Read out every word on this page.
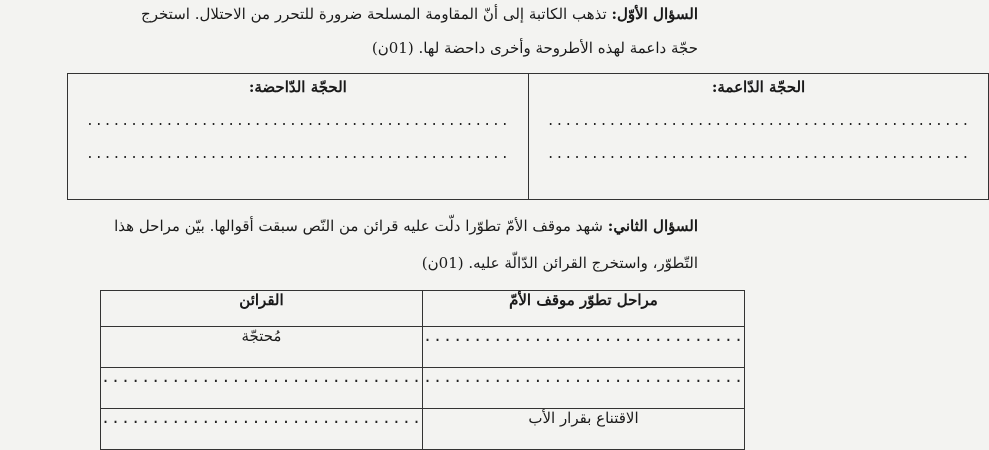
السؤال الأوّل: تذهب الكاتبة إلى أنّ المقاومة المسلحة ضرورة للتحرر من الاحتلال. استخرج
حجّة داعمة لهذه الأطروحة وأخرى داحضة لها. (01ن)
الحجّة الدّاعمة:
................................................
................................................

الحجّة الدّاحضة:
................................................
................................................
السؤال الثاني: شهد موقف الأمّ تطوّرا دلّت عليه قرائن من النّص سبقت أقوالها. بيّن مراحل هذا
التّطوّر، واستخرج القرائن الدّالّة عليه. (01ن)
مراحل تطوّر موقف الأمّ	القرائن
................................	مُحتجّة
................................	................................
الاقتناع بقرار الأب	................................
